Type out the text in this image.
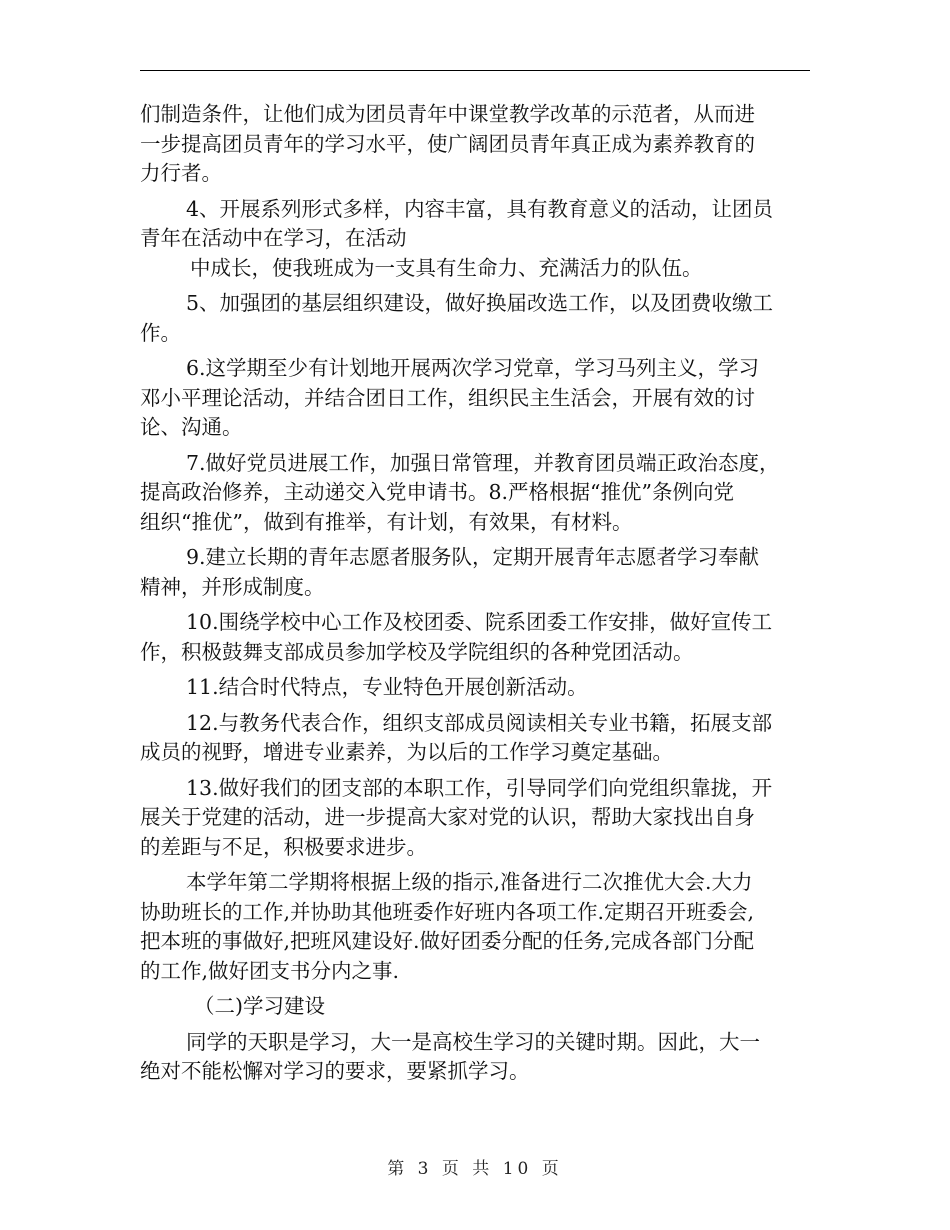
们制造条件，让他们成为团员青年中课堂教学改革的示范者，从而进
一步提高团员青年的学习水平，使广阔团员青年真正成为素养教育的
力行者。
4、开展系列形式多样，内容丰富，具有教育意义的活动，让团员
青年在活动中在学习，在活动
中成长，使我班成为一支具有生命力、充满活力的队伍。
5、加强团的基层组织建设，做好换届改选工作，以及团费收缴工
作。
6.这学期至少有计划地开展两次学习党章，学习马列主义，学习
邓小平理论活动，并结合团日工作，组织民主生活会，开展有效的讨
论、沟通。
7.做好党员进展工作，加强日常管理，并教育团员端正政治态度，
提高政治修养，主动递交入党申请书。8.严格根据“推优”条例向党
组织“推优”，做到有推举，有计划，有效果，有材料。
9.建立长期的青年志愿者服务队，定期开展青年志愿者学习奉献
精神，并形成制度。
10.围绕学校中心工作及校团委、院系团委工作安排，做好宣传工
作，积极鼓舞支部成员参加学校及学院组织的各种党团活动。
11.结合时代特点，专业特色开展创新活动。
12.与教务代表合作，组织支部成员阅读相关专业书籍，拓展支部
成员的视野，增进专业素养，为以后的工作学习奠定基础。
13.做好我们的团支部的本职工作，引导同学们向党组织靠拢，开
展关于党建的活动，进一步提高大家对党的认识，帮助大家找出自身
的差距与不足，积极要求进步。
本学年第二学期将根据上级的指示,准备进行二次推优大会.大力
协助班长的工作,并协助其他班委作好班内各项工作.定期召开班委会,
把本班的事做好,把班风建设好.做好团委分配的任务,完成各部门分配
的工作,做好团支书分内之事.
（二)学习建设
同学的天职是学习，大一是高校生学习的关键时期。因此，大一
绝对不能松懈对学习的要求，要紧抓学习。
第 3 页 共 10 页
